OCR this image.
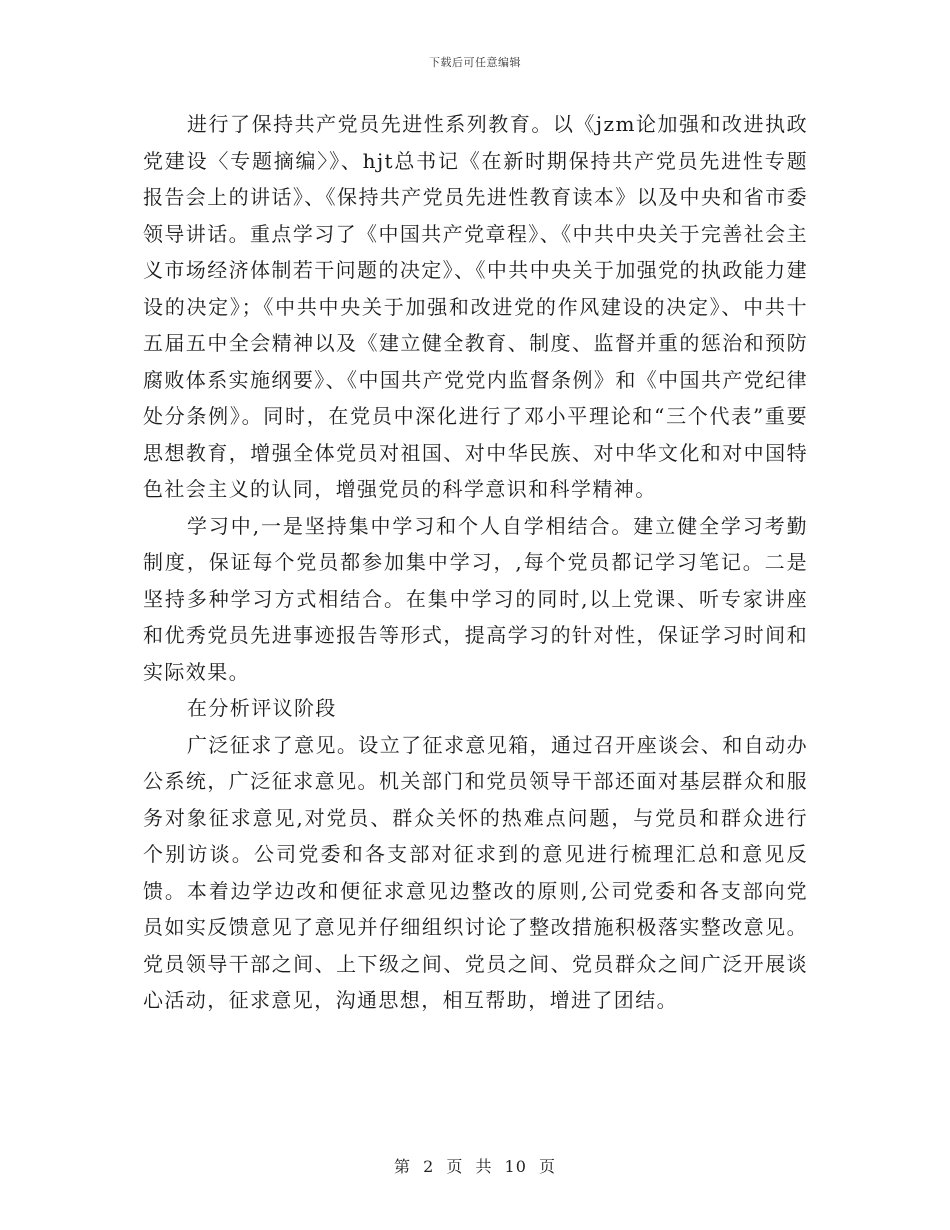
下载后可任意编辑

进行了保持共产党员先进性系列教育。以《jzm论加强和改进执政党建设〈专题摘编〉》、hjt总书记《在新时期保持共产党员先进性专题报告会上的讲话》、《保持共产党员先进性教育读本》以及中央和省市委领导讲话。重点学习了《中国共产党章程》、《中共中央关于完善社会主义市场经济体制若干问题的决定》、《中共中央关于加强党的执政能力建设的决定》；《中共中央关于加强和改进党的作风建设的决定》、中共十五届五中全会精神以及《建立健全教育、制度、监督并重的惩治和预防腐败体系实施纲要》、《中国共产党党内监督条例》和《中国共产党纪律处分条例》。同时，在党员中深化进行了邓小平理论和“三个代表”重要思想教育，增强全体党员对祖国、对中华民族、对中华文化和对中国特色社会主义的认同，增强党员的科学意识和科学精神。

学习中,一是坚持集中学习和个人自学相结合。建立健全学习考勤制度，保证每个党员都参加集中学习，,每个党员都记学习笔记。二是坚持多种学习方式相结合。在集中学习的同时,以上党课、听专家讲座和优秀党员先进事迹报告等形式，提高学习的针对性，保证学习时间和实际效果。

在分析评议阶段

广泛征求了意见。设立了征求意见箱，通过召开座谈会、和自动办公系统，广泛征求意见。机关部门和党员领导干部还面对基层群众和服务对象征求意见,对党员、群众关怀的热难点问题，与党员和群众进行个别访谈。公司党委和各支部对征求到的意见进行梳理汇总和意见反馈。本着边学边改和便征求意见边整改的原则,公司党委和各支部向党员如实反馈意见了意见并仔细组织讨论了整改措施积极落实整改意见。党员领导干部之间、上下级之间、党员之间、党员群众之间广泛开展谈心活动，征求意见，沟通思想，相互帮助，增进了团结。

第 2 页 共 10 页
